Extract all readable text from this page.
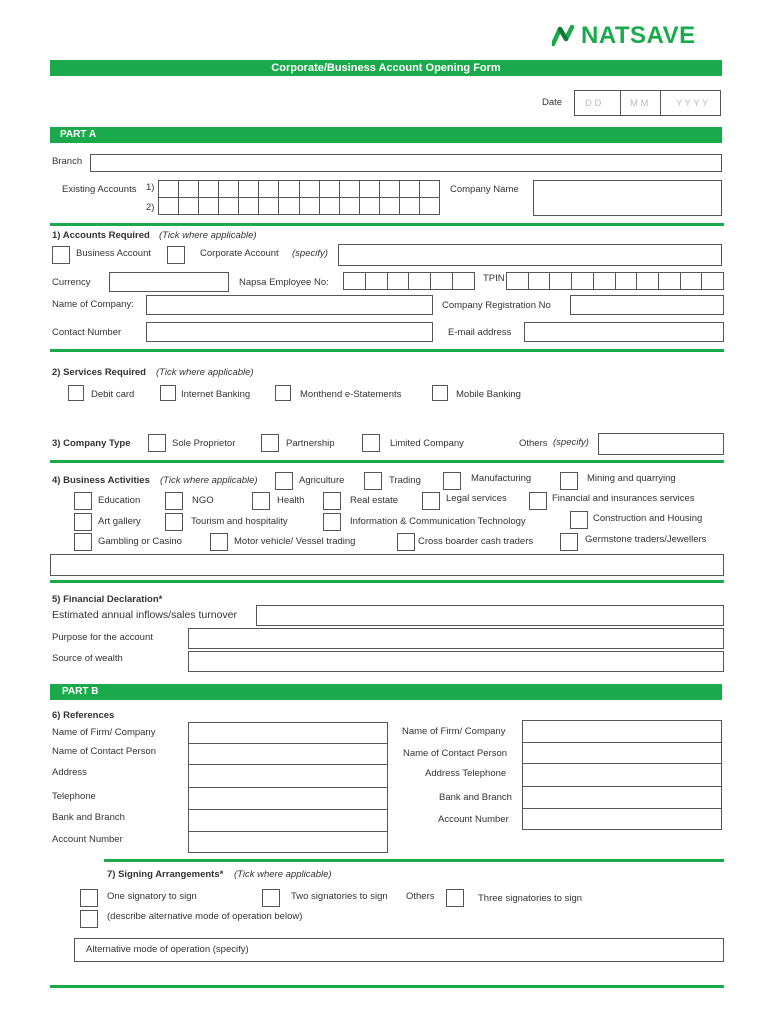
NATSAVE
Corporate/Business Account Opening Form
Date D D	M M	Y Y Y Y
PART A
Branch
Existing Accounts 1)
2)
Company Name
1) Accounts Required (Tick where applicable)
Business Account	Corporate Account (specify)
Currency	Napsa Employee No:	TPIN
Name of Company:	Company Registration No
Contact Number	E-mail address
2) Services Required (Tick where applicable)
Debit card	Internet Banking	Monthend e-Statements	Mobile Banking
3) Company Type	Sole Proprietor	Partnership	Limited Company	Others (specify)
4) Business Activities (Tick where applicable)	Agriculture	Trading	Manufacturing	Mining and quarrying
Education	NGO	Health	Real estate	Legal services	Financial and insurances services
Art gallery	Tourism and hospitality	Information & Communication Technology	Construction and Housing
Gambling or Casino	Motor vehicle/ Vessel trading	Cross boarder cash traders	Germstone traders/Jewellers
5) Financial Declaration*
Estimated annual inflows/sales turnover
Purpose for the account
Source of wealth
PART B
6) References
Name of Firm/ Company
Name of Contact Person
Address
Telephone
Bank and Branch
Account Number
Name of Firm/ Company
Name of Contact Person
Address Telephone
Bank and Branch
Account Number
7) Signing Arrangements* (Tick where applicable)
One signatory to sign	Two signatories to sign Others	Three signatories to sign
(describe alternative mode of operation below)
Alternative mode of operation (specify)
